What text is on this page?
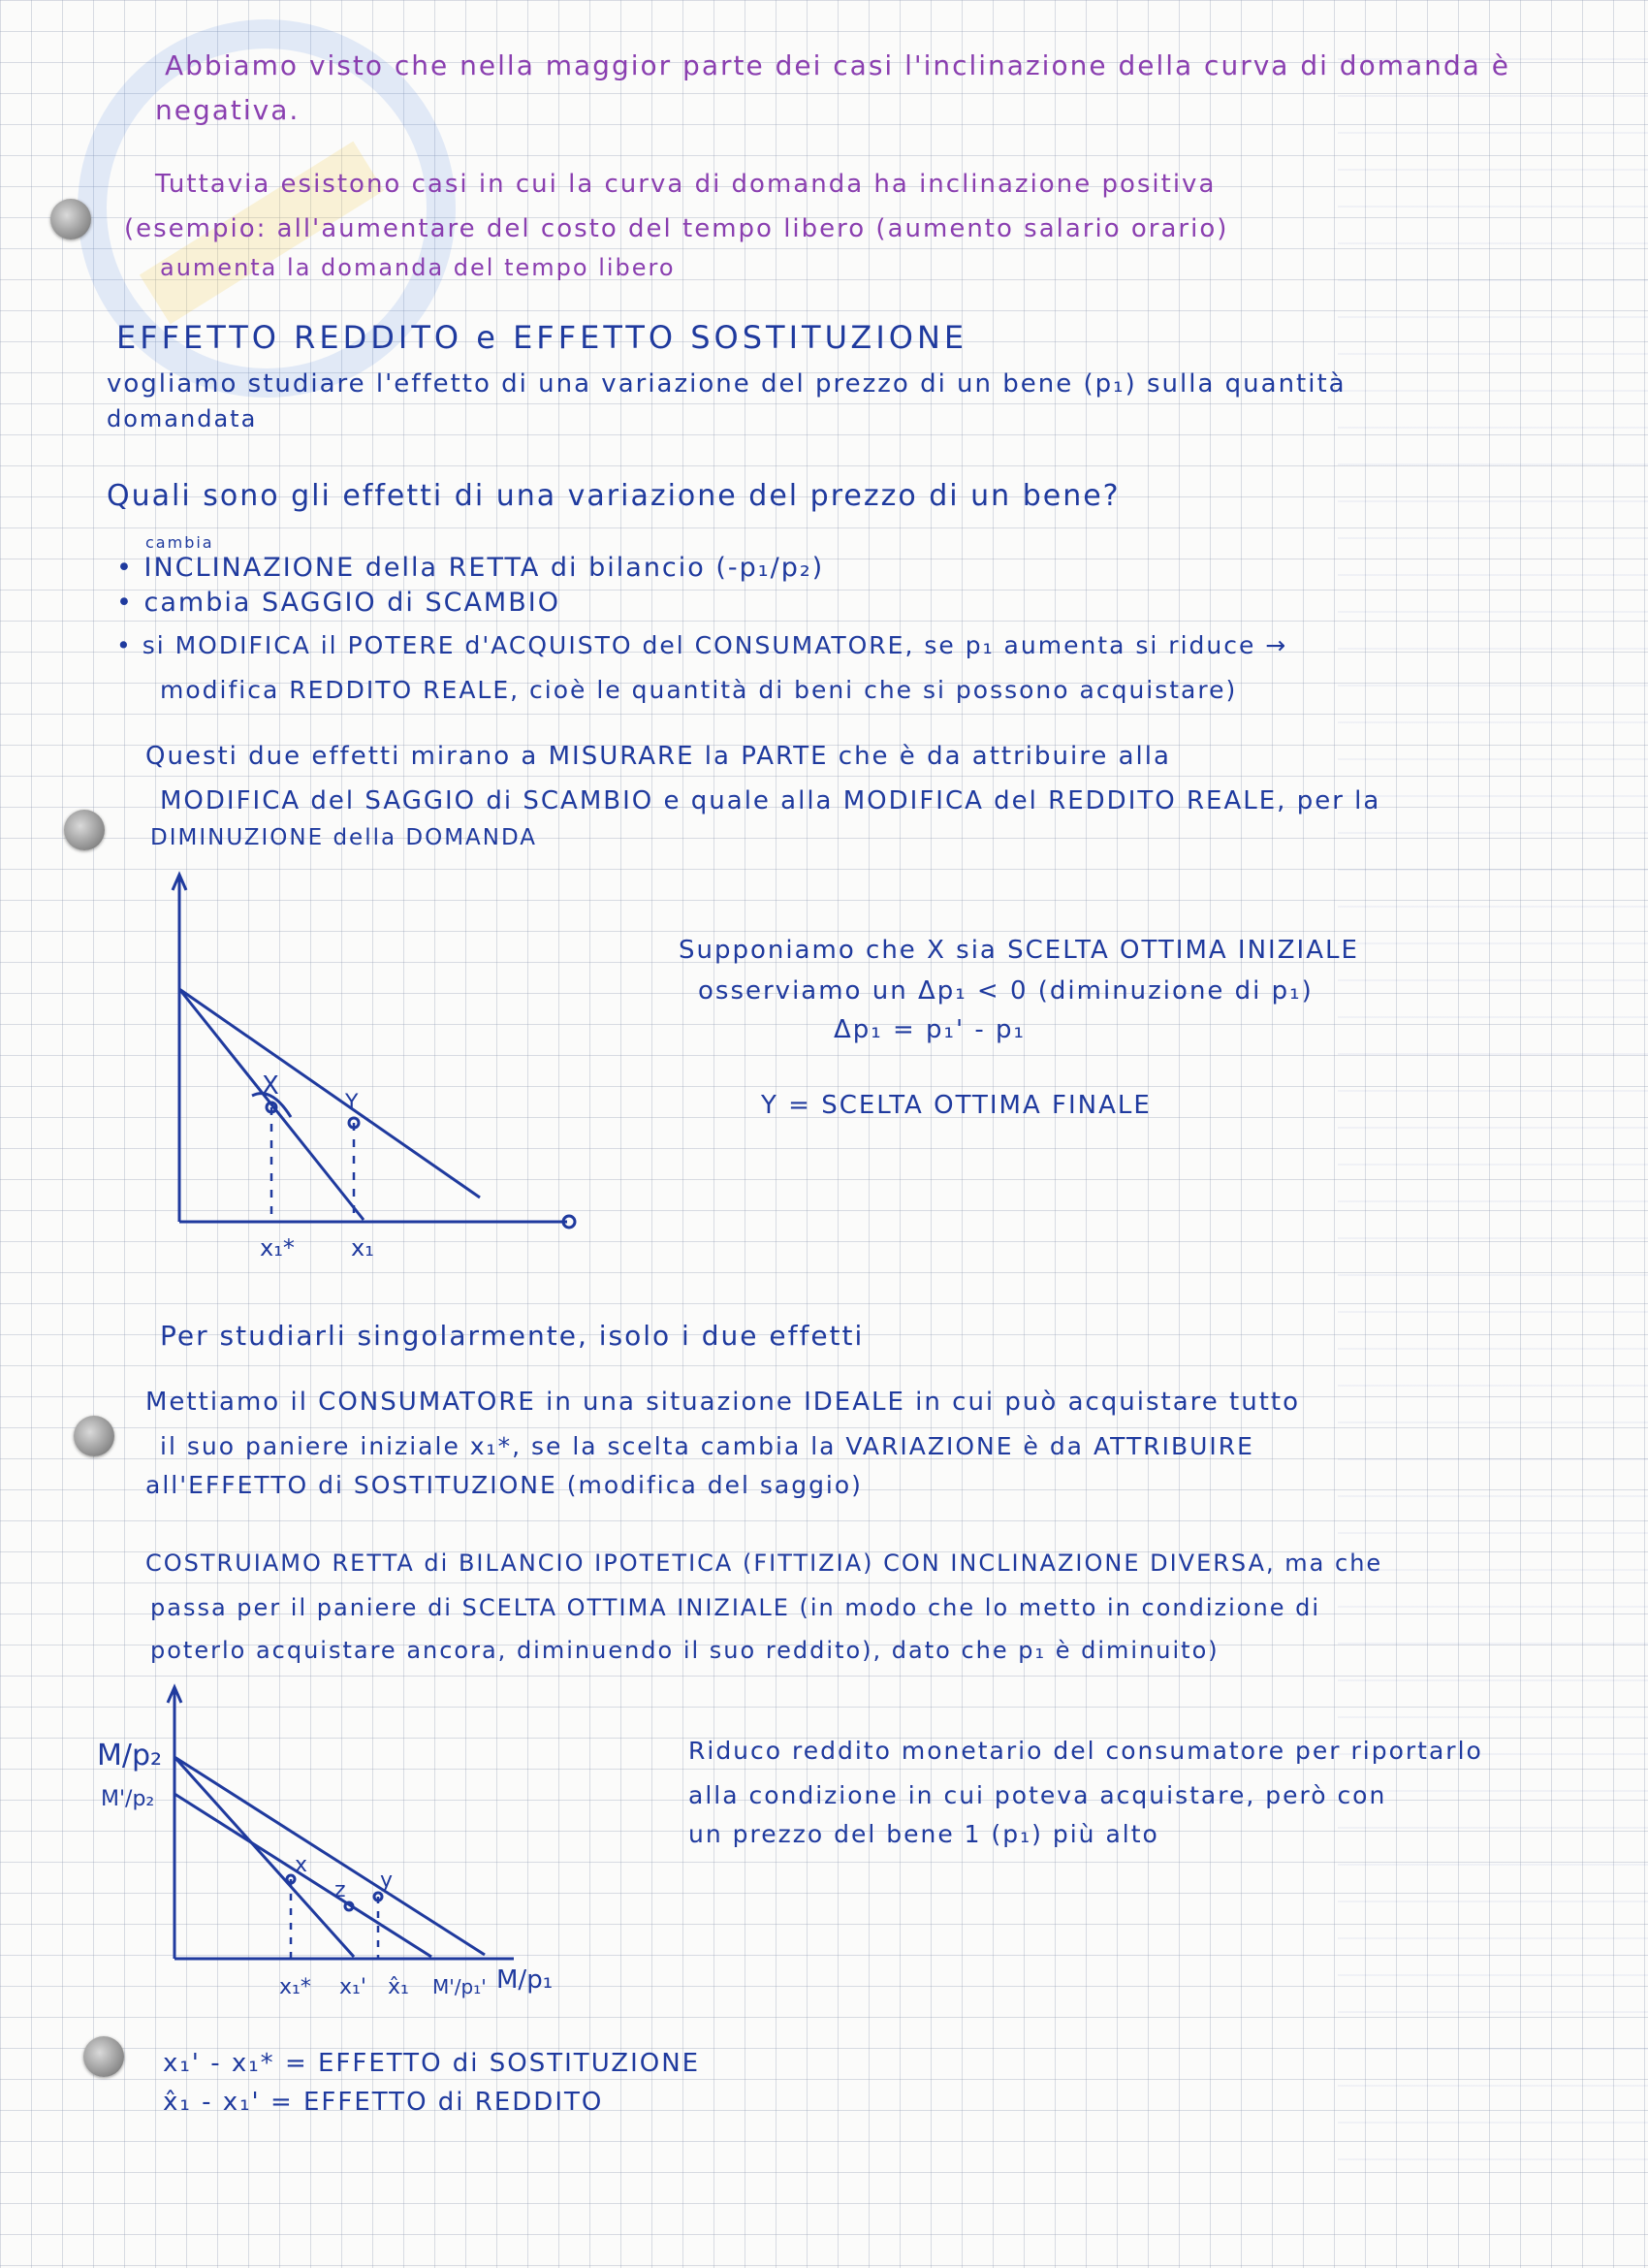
Abbiamo visto che nella maggior parte dei casi l'inclinazione della curva di domanda è
negativa.
Tuttavia esistono casi in cui la curva di domanda ha inclinazione positiva
(esempio: all'aumentare del costo del tempo libero (aumento salario orario)
aumenta la domanda del tempo libero
EFFETTO REDDITO e EFFETTO SOSTITUZIONE
vogliamo studiare l'effetto di una variazione del prezzo di un bene (p₁) sulla quantità
domandata
Quali sono gli effetti di una variazione del prezzo di un bene?
cambia
• INCLINAZIONE della RETTA di bilancio (-p₁/p₂)
• cambia SAGGIO di SCAMBIO
• si MODIFICA il POTERE d'ACQUISTO del CONSUMATORE, se p₁ aumenta si riduce →
modifica REDDITO REALE, cioè le quantità di beni che si possono acquistare)
Questi due effetti mirano a MISURARE la PARTE che è da attribuire alla
MODIFICA del SAGGIO di SCAMBIO e quale alla MODIFICA del REDDITO REALE, per la
DIMINUZIONE della DOMANDA
X
Y
x₁* x₁
Supponiamo che X sia SCELTA OTTIMA INIZIALE
osserviamo un Δp₁ < 0 (diminuzione di p₁)
Δp₁ = p₁' - p₁
Y = SCELTA OTTIMA FINALE
Per studiarli singolarmente, isolo i due effetti
Mettiamo il CONSUMATORE in una situazione IDEALE in cui può acquistare tutto
il suo paniere iniziale x₁*, se la scelta cambia la VARIAZIONE è da ATTRIBUIRE
all'EFFETTO di SOSTITUZIONE (modifica del saggio)
COSTRUIAMO RETTA di BILANCIO IPOTETICA (FITTIZIA) CON INCLINAZIONE DIVERSA, ma che
passa per il paniere di SCELTA OTTIMA INIZIALE (in modo che lo metto in condizione di
poterlo acquistare ancora, diminuendo il suo reddito), dato che p₁ è diminuito)
M/p₂
M'/p₂
x
z y
x₁* x₁' x̂₁ M'/p₁' M/p₁
Riduco reddito monetario del consumatore per riportarlo
alla condizione in cui poteva acquistare, però con
un prezzo del bene 1 (p₁) più alto
x₁' - x₁* = EFFETTO di SOSTITUZIONE
x̂₁ - x₁' = EFFETTO di REDDITO
